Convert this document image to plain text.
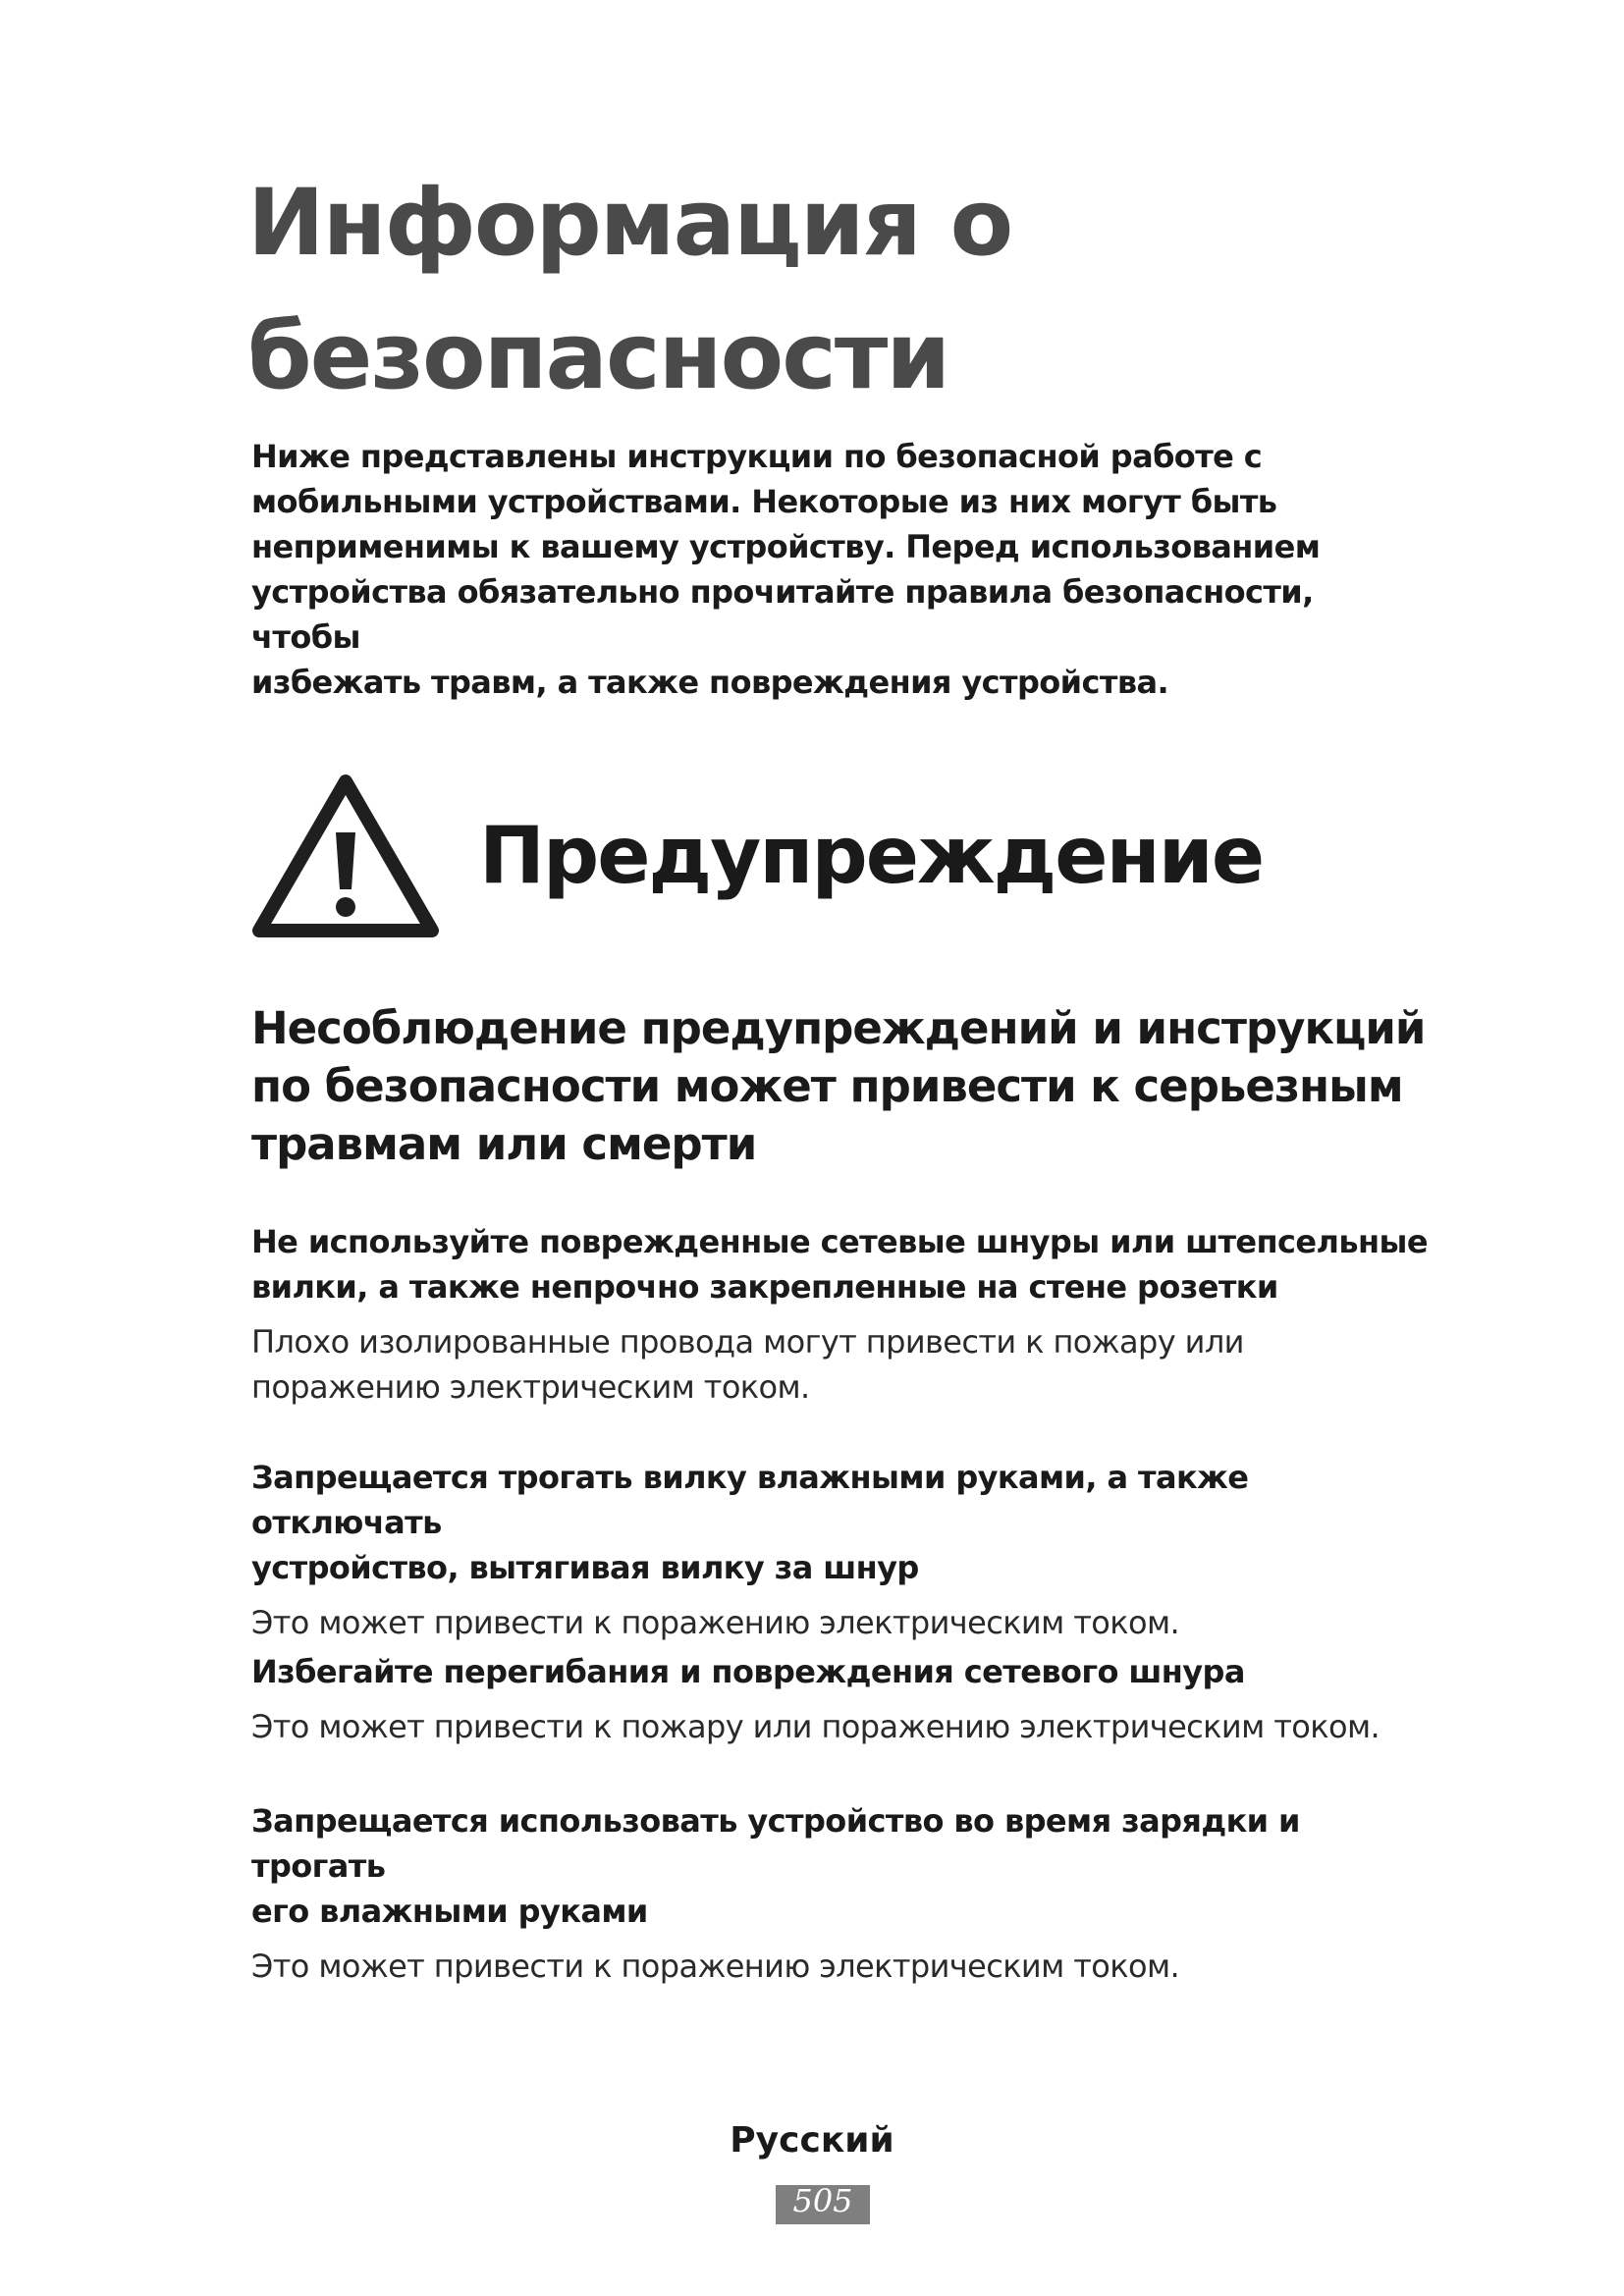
Информация о
безопасности

Ниже представлены инструкции по безопасной работе с
мобильными устройствами. Некоторые из них могут быть
неприменимы к вашему устройству. Перед использованием
устройства обязательно прочитайте правила безопасности, чтобы
избежать травм, а также повреждения устройства.

Предупреждение
Несоблюдение предупреждений и инструкций
по безопасности может привести к серьезным
травмам или смерти

Не используйте поврежденные сетевые шнуры или штепсельные
вилки, а также непрочно закрепленные на стене розетки

Плохо изолированные провода могут привести к пожару или
поражению электрическим током.

Запрещается трогать вилку влажными руками, а также отключать
устройство, вытягивая вилку за шнур

Это может привести к поражению электрическим током.

Избегайте перегибания и повреждения сетевого шнура

Это может привести к пожару или поражению электрическим током.

Запрещается использовать устройство во время зарядки и трогать
его влажными руками

Это может привести к поражению электрическим током.

Русский

505
